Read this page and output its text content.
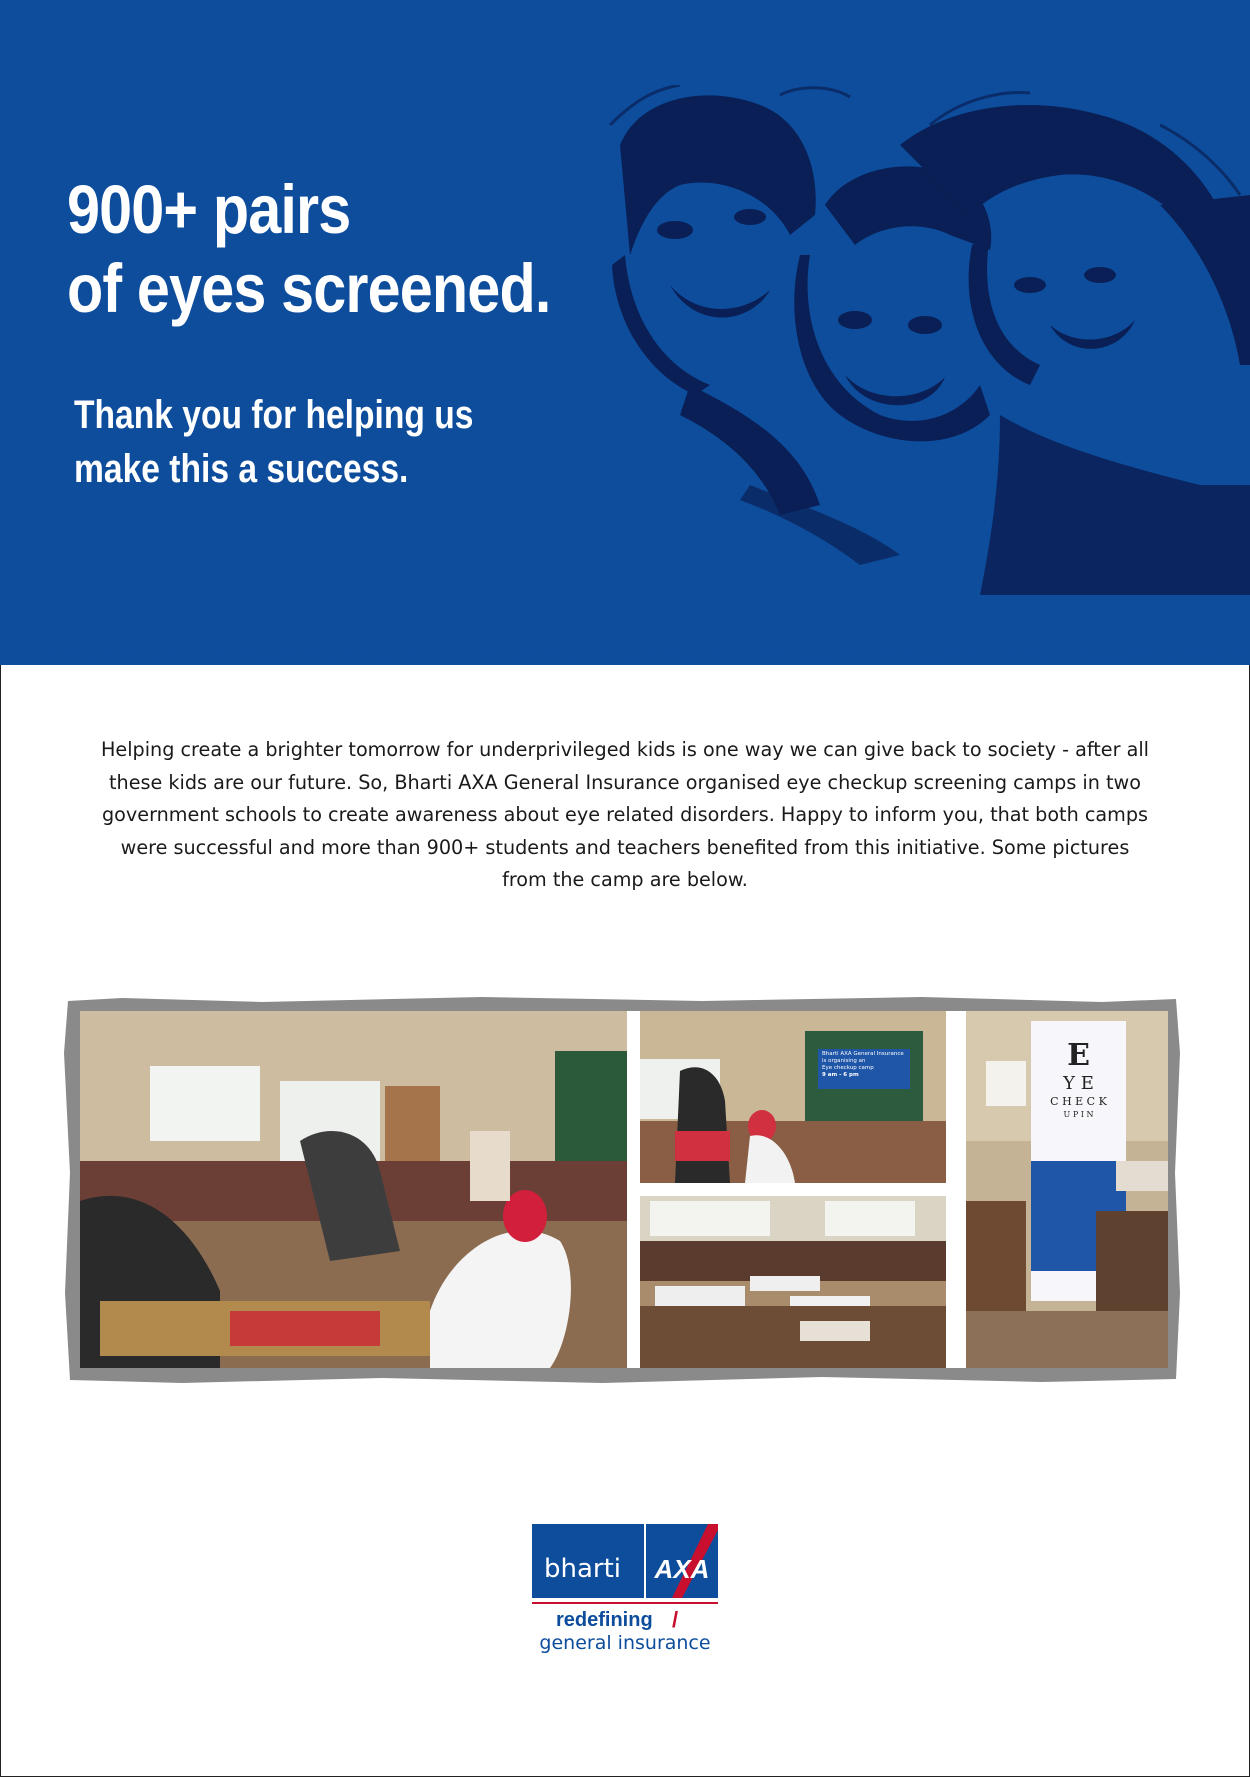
900+ pairs
of eyes screened.

Thank you for helping us
make this a success.

Helping create a brighter tomorrow for underprivileged kids is one way we can give back to society - after all these kids are our future. So, Bharti AXA General Insurance organised eye checkup screening camps in two government schools to create awareness about eye related disorders. Happy to inform you, that both camps were successful and more than 900+ students and teachers benefited from this initiative. Some pictures from the camp are below.

Bharti AXA General Insurance
is organising an
Eye checkup camp
9 am - 6 pm
E
Y E
C H E C K
U P I N
bharti AXA

redefining /

general insurance
